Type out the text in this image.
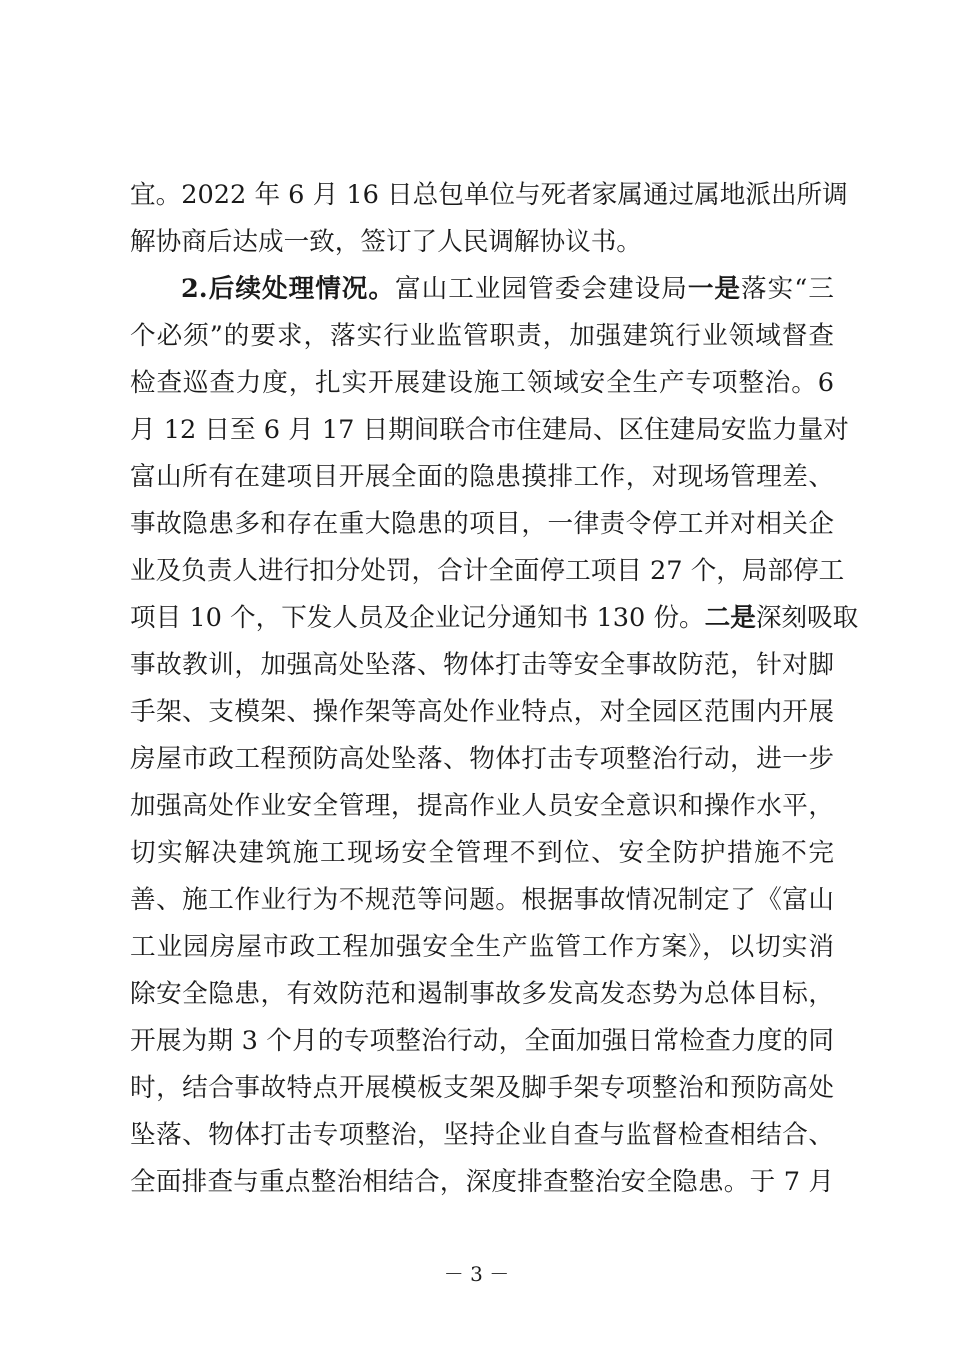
宜。2022 年 6 月 16 日总包单位与死者家属通过属地派出所调
解协商后达成一致，签订了人民调解协议书。
2.后续处理情况。富山工业园管委会建设局一是落实“三
个必须”的要求，落实行业监管职责，加强建筑行业领域督查
检查巡查力度，扎实开展建设施工领域安全生产专项整治。6
月 12 日至 6 月 17 日期间联合市住建局、区住建局安监力量对
富山所有在建项目开展全面的隐患摸排工作，对现场管理差、
事故隐患多和存在重大隐患的项目，一律责令停工并对相关企
业及负责人进行扣分处罚，合计全面停工项目 27 个，局部停工
项目 10 个，下发人员及企业记分通知书 130 份。二是深刻吸取
事故教训，加强高处坠落、物体打击等安全事故防范，针对脚
手架、支模架、操作架等高处作业特点，对全园区范围内开展
房屋市政工程预防高处坠落、物体打击专项整治行动，进一步
加强高处作业安全管理，提高作业人员安全意识和操作水平，
切实解决建筑施工现场安全管理不到位、安全防护措施不完
善、施工作业行为不规范等问题。根据事故情况制定了《富山
工业园房屋市政工程加强安全生产监管工作方案》，以切实消
除安全隐患，有效防范和遏制事故多发高发态势为总体目标，
开展为期 3 个月的专项整治行动，全面加强日常检查力度的同
时，结合事故特点开展模板支架及脚手架专项整治和预防高处
坠落、物体打击专项整治，坚持企业自查与监督检查相结合、
全面排查与重点整治相结合，深度排查整治安全隐患。于 7 月
－ 3 －
